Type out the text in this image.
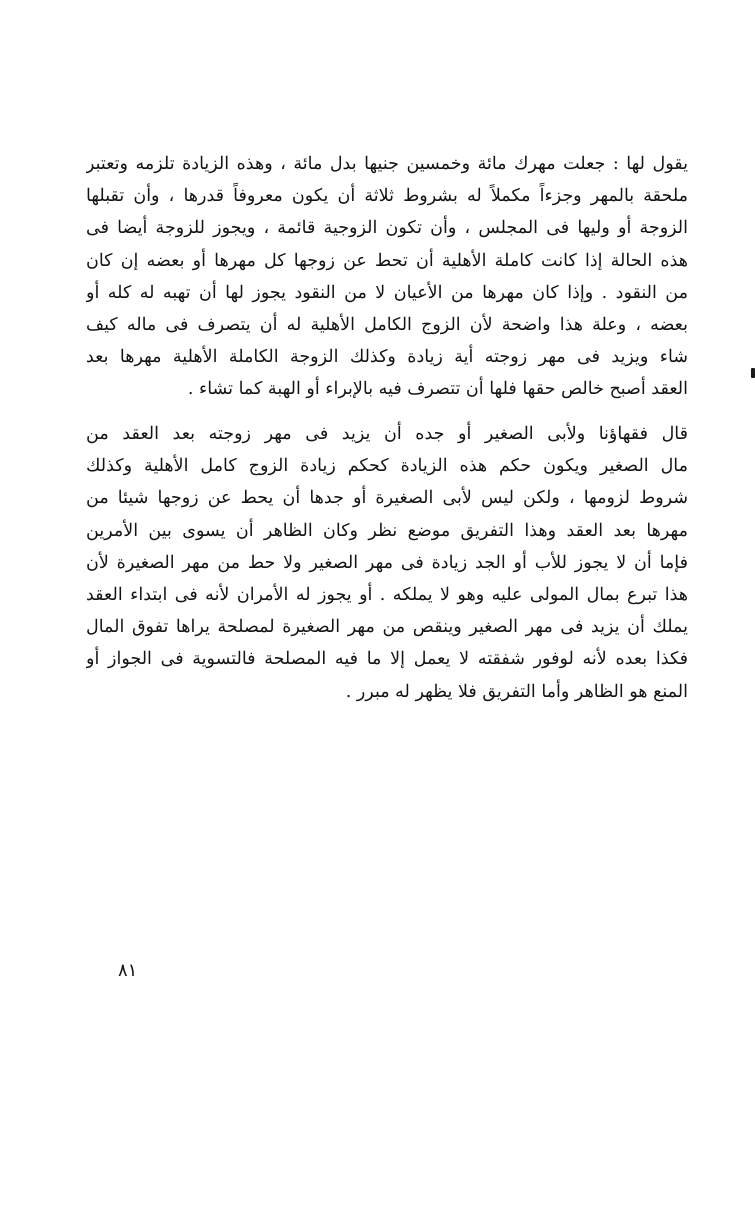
يقول لها : جعلت مهرك مائة وخمسين جنيها بدل مائة ، وهذه الزيادة تلزمه وتعتبر
ملحقة بالمهر وجزءاً مكملاً له بشروط ثلاثة أن يكون معروفاً قدرها ، وأن تقبلها
الزوجة أو وليها فى المجلس ، وأن تكون الزوجية قائمة ، ويجوز للزوجة أيضا فى
هذه الحالة إذا كانت كاملة الأهلية أن تحط عن زوجها كل مهرها أو بعضه إن كان
من النقود . وإذا كان مهرها من الأعيان لا من النقود يجوز لها أن تهبه له كله أو
بعضه ، وعلة هذا واضحة لأن الزوج الكامل الأهلية له أن يتصرف فى ماله كيف
شاء ويزيد فى مهر زوجته أية زيادة وكذلك الزوجة الكاملة الأهلية مهرها بعد
العقد أصبح خالص حقها فلها أن تتصرف فيه بالإبراء أو الهبة كما تشاء .
قال فقهاؤنا ولأبى الصغير أو جده أن يزيد فى مهر زوجته بعد العقد من
مال الصغير ويكون حكم هذه الزيادة كحكم زيادة الزوج كامل الأهلية وكذلك
شروط لزومها ، ولكن ليس لأبى الصغيرة أو جدها أن يحط عن زوجها شيئا من
مهرها بعد العقد وهذا التفريق موضع نظر وكان الظاهر أن يسوى بين الأمرين
فإما أن لا يجوز للأب أو الجد زيادة فى مهر الصغير ولا حط من مهر الصغيرة لأن
هذا تبرع بمال المولى عليه وهو لا يملكه . أو يجوز له الأمران لأنه فى ابتداء العقد
يملك أن يزيد فى مهر الصغير وينقص من مهر الصغيرة لمصلحة يراها تفوق المال
فكذا بعده لأنه لوفور شفقته لا يعمل إلا ما فيه المصلحة فالتسوية فى الجواز أو
المنع هو الظاهر وأما التفريق فلا يظهر له مبرر .
٨١
